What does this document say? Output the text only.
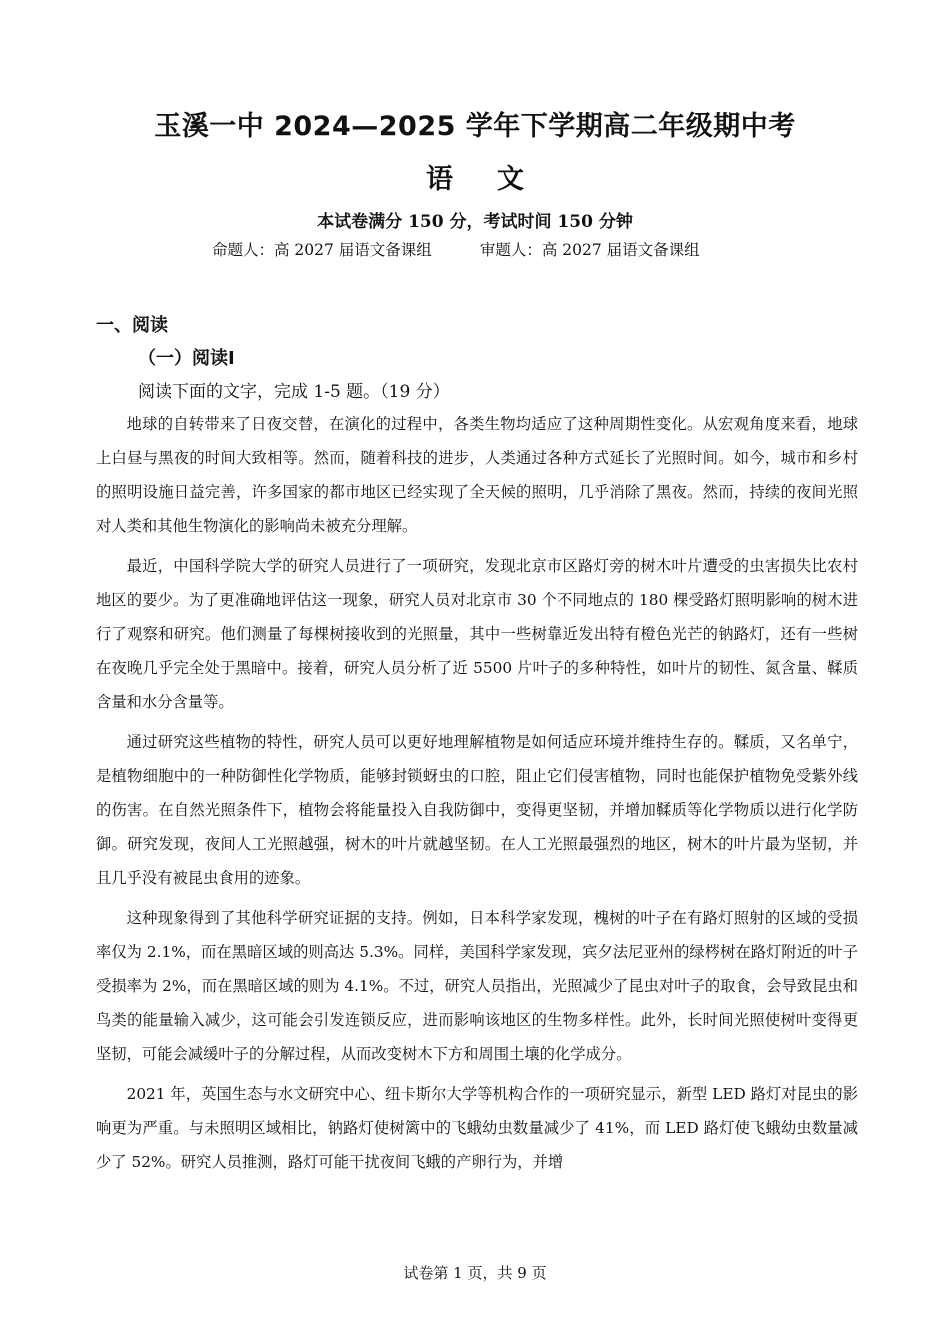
玉溪一中 2024—2025 学年下学期高二年级期中考
语文
本试卷满分 150 分，考试时间 150 分钟
命题人：高 2027 届语文备课组	审题人：高 2027 届语文备课组
一、阅读
（一）阅读Ⅰ
阅读下面的文字，完成 1-5 题。（19 分）

地球的自转带来了日夜交替，在演化的过程中，各类生物均适应了这种周期性变化。从宏观角度来看，地球上白昼与黑夜的时间大致相等。然而，随着科技的进步，人类通过各种方式延长了光照时间。如今，城市和乡村的照明设施日益完善，许多国家的都市地区已经实现了全天候的照明，几乎消除了黑夜。然而，持续的夜间光照对人类和其他生物演化的影响尚未被充分理解。

最近，中国科学院大学的研究人员进行了一项研究，发现北京市区路灯旁的树木叶片遭受的虫害损失比农村地区的要少。为了更准确地评估这一现象，研究人员对北京市 30 个不同地点的 180 棵受路灯照明影响的树木进行了观察和研究。他们测量了每棵树接收到的光照量，其中一些树靠近发出特有橙色光芒的钠路灯，还有一些树在夜晚几乎完全处于黑暗中。接着，研究人员分析了近 5500 片叶子的多种特性，如叶片的韧性、氮含量、鞣质含量和水分含量等。

通过研究这些植物的特性，研究人员可以更好地理解植物是如何适应环境并维持生存的。鞣质，又名单宁，是植物细胞中的一种防御性化学物质，能够封锁蚜虫的口腔，阻止它们侵害植物，同时也能保护植物免受紫外线的伤害。在自然光照条件下，植物会将能量投入自我防御中，变得更坚韧，并增加鞣质等化学物质以进行化学防御。研究发现，夜间人工光照越强，树木的叶片就越坚韧。在人工光照最强烈的地区，树木的叶片最为坚韧，并且几乎没有被昆虫食用的迹象。

这种现象得到了其他科学研究证据的支持。例如，日本科学家发现，槐树的叶子在有路灯照射的区域的受损率仅为 2.1%，而在黑暗区域的则高达 5.3%。同样，美国科学家发现，宾夕法尼亚州的绿梣树在路灯附近的叶子受损率为 2%，而在黑暗区域的则为 4.1%。不过，研究人员指出，光照减少了昆虫对叶子的取食，会导致昆虫和鸟类的能量输入减少，这可能会引发连锁反应，进而影响该地区的生物多样性。此外，长时间光照使树叶变得更坚韧，可能会减缓叶子的分解过程，从而改变树木下方和周围土壤的化学成分。

2021 年，英国生态与水文研究中心、纽卡斯尔大学等机构合作的一项研究显示，新型 LED 路灯对昆虫的影响更为严重。与未照明区域相比，钠路灯使树篱中的飞蛾幼虫数量减少了 41%，而 LED 路灯使飞蛾幼虫数量减少了 52%。研究人员推测，路灯可能干扰夜间飞蛾的产卵行为，并增

试卷第 1 页，共 9 页
